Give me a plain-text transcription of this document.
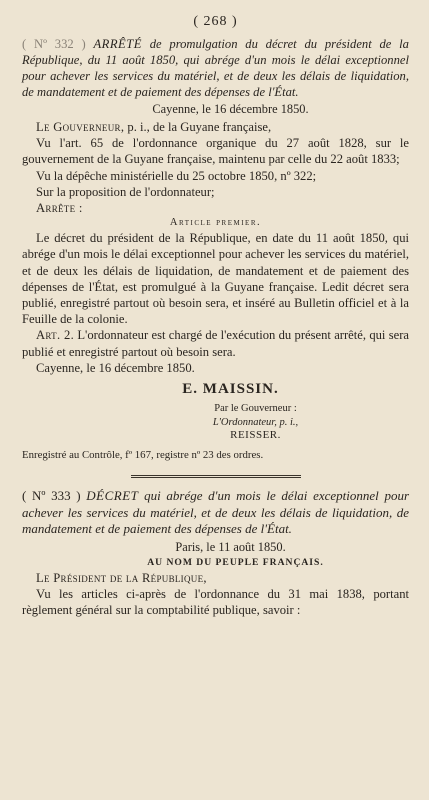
( 268 )

( Nº 332 ) ARRÊTÉ de promulgation du décret du président de la République, du 11 août 1850, qui abrége d'un mois le délai exceptionnel pour achever les services du matériel, et de deux les délais de liquidation, de mandatement et de paiement des dépenses de l'État.

Cayenne, le 16 décembre 1850.

Le Gouverneur, p. i., de la Guyane française,

Vu l'art. 65 de l'ordonnance organique du 27 août 1828, sur le gouvernement de la Guyane française, maintenu par celle du 22 août 1833;

Vu la dépêche ministérielle du 25 octobre 1850, nº 322;

Sur la proposition de l'ordonnateur;

Arrête :

Article premier.

Le décret du président de la République, en date du 11 août 1850, qui abrége d'un mois le délai exceptionnel pour achever les services du matériel, et de deux les délais de liquidation, de mandatement et de paiement des dépenses de l'État, est promulgué à la Guyane française. Ledit décret sera publié, enregistré partout où besoin sera, et inséré au Bulletin officiel et à la Feuille de la colonie.

Art. 2. L'ordonnateur est chargé de l'exécution du présent arrêté, qui sera publié et enregistré partout où besoin sera.

Cayenne, le 16 décembre 1850.

E. MAISSIN.
Par le Gouverneur :
L'Ordonnateur, p. i.,
REISSER.

Enregistré au Contrôle, fº 167, registre nº 23 des ordres.

( Nº 333 ) DÉCRET qui abrége d'un mois le délai exceptionnel pour achever les services du matériel, et de deux les délais de liquidation, de mandatement et de paiement des dépenses de l'État.

Paris, le 11 août 1850.
AU NOM DU PEUPLE FRANÇAIS.

Le Président de la République,

Vu les articles ci-après de l'ordonnance du 31 mai 1838, portant règlement général sur la comptabilité publique, savoir :
